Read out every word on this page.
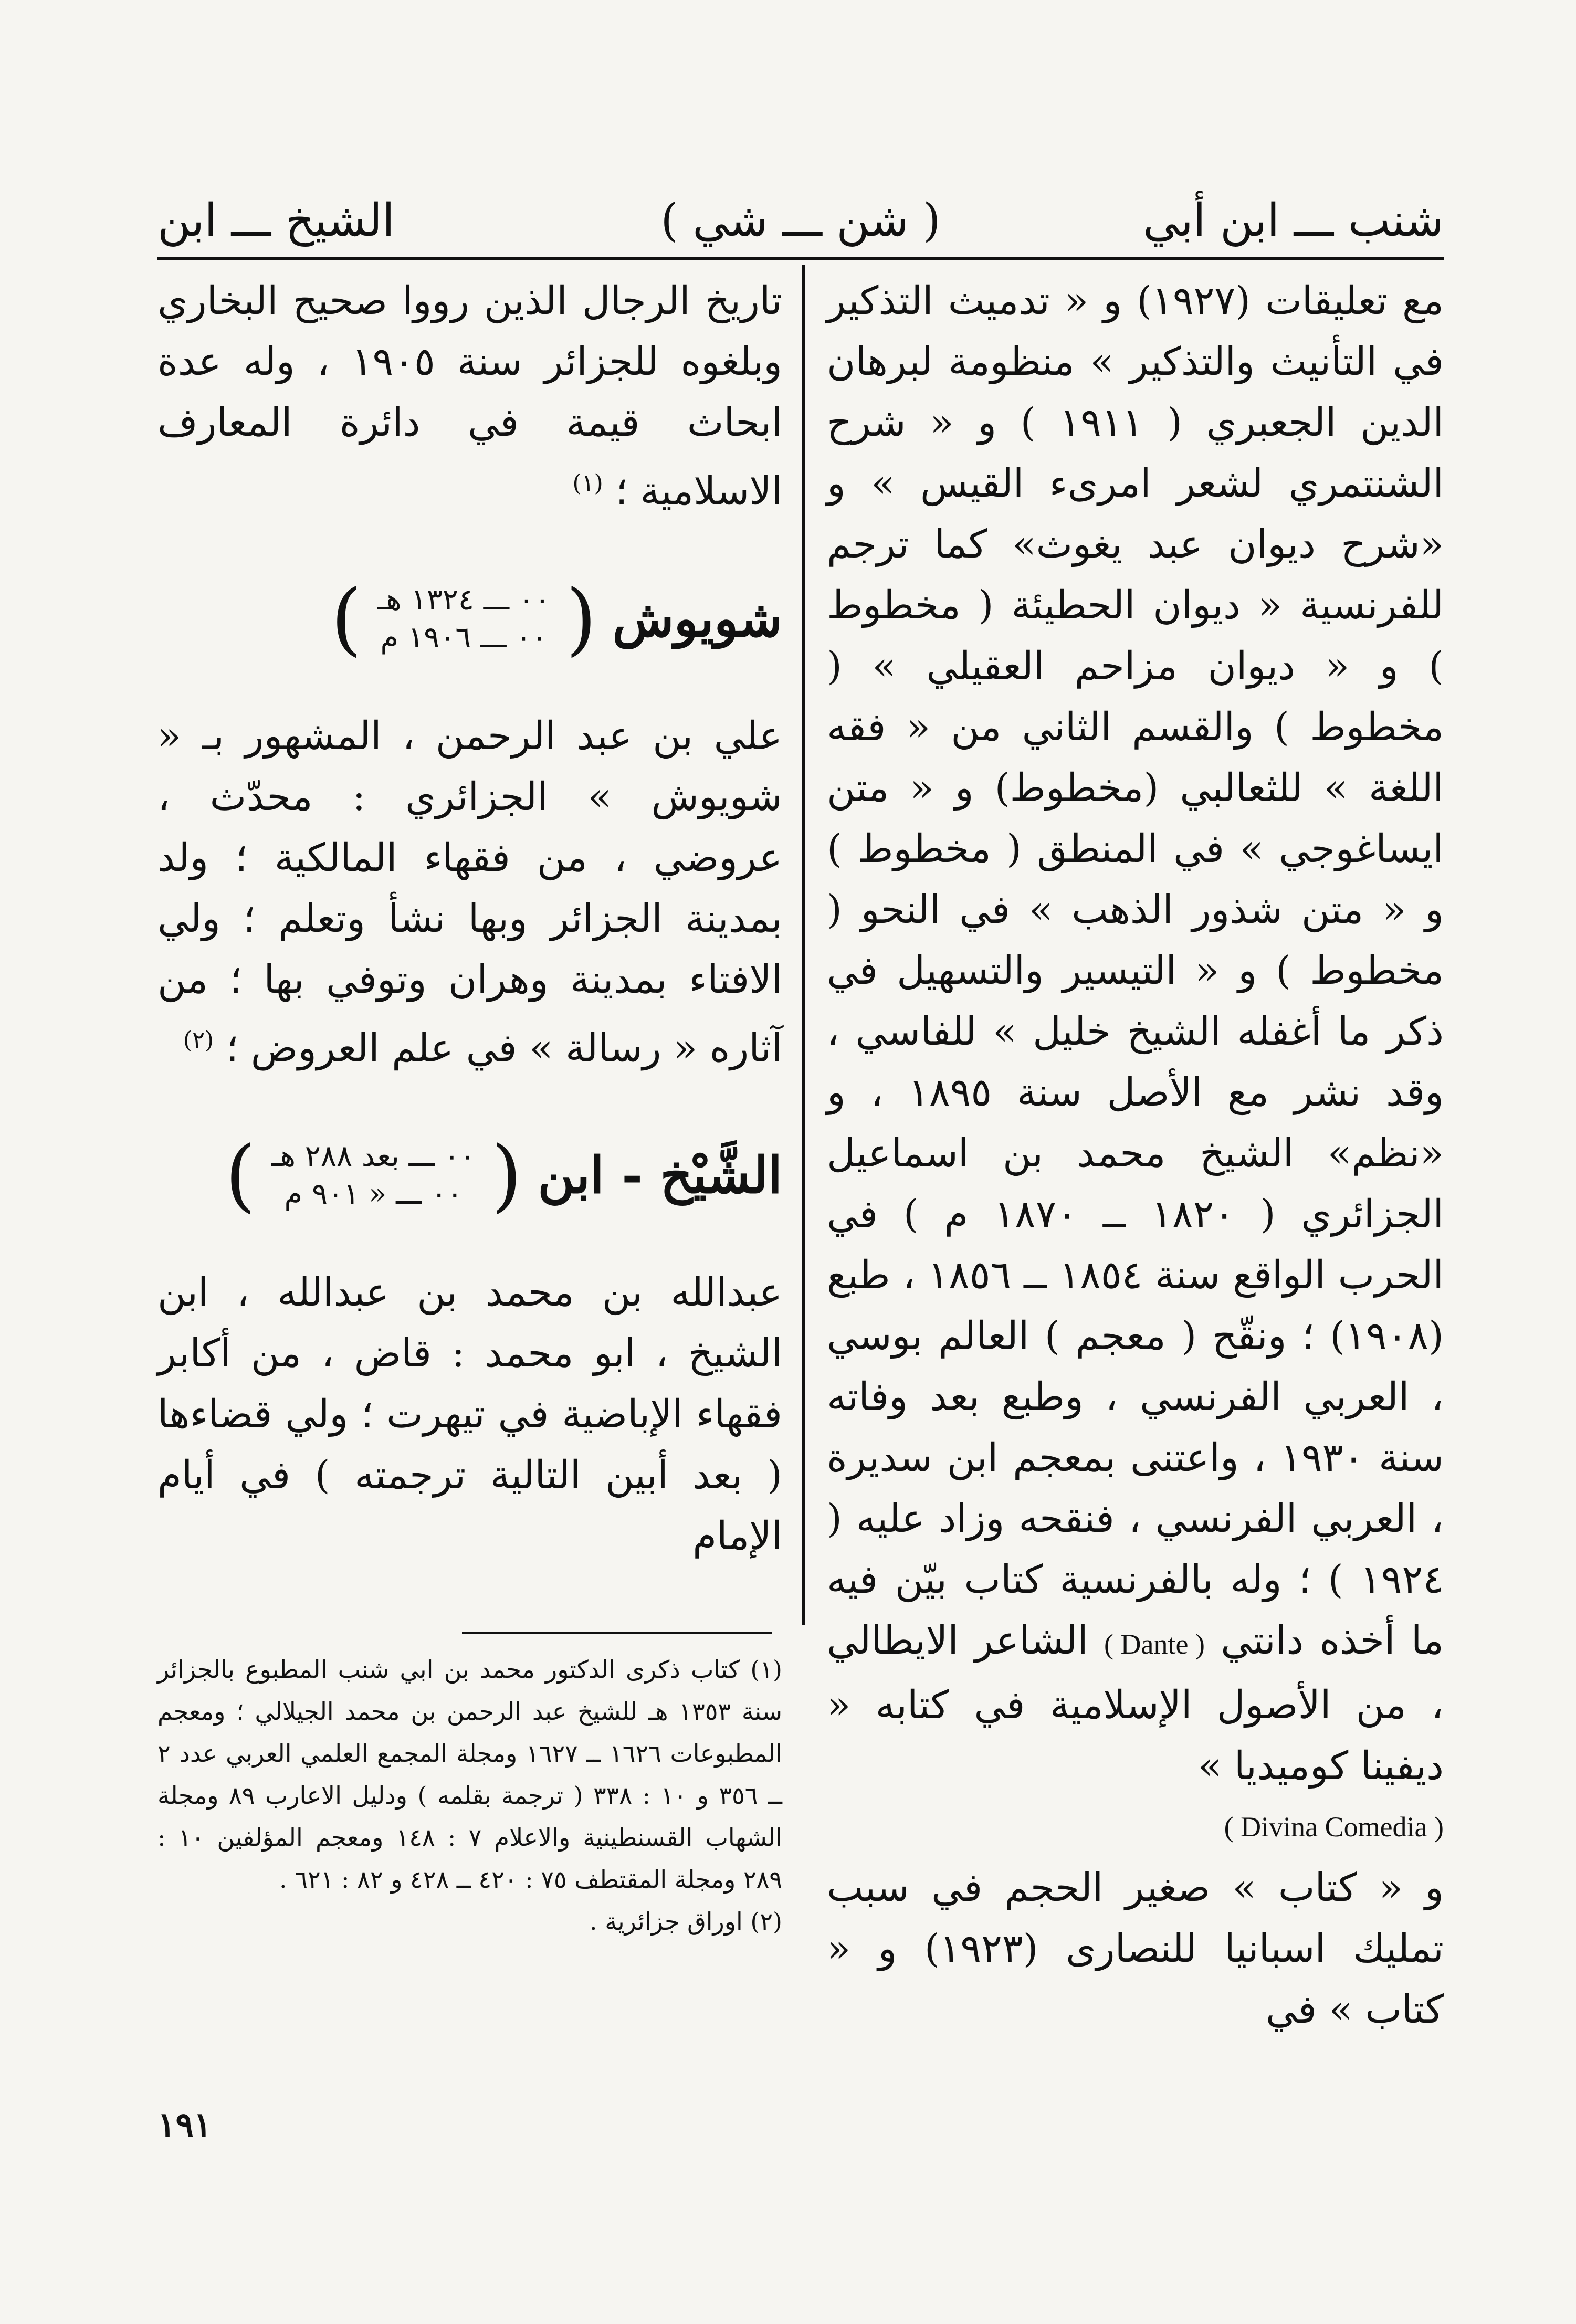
شنب ـــ ابن أبي
( شن ـــ شي )
الشيخ ـــ ابن

مع تعليقات (١٩٢٧) و « تدميث التذكير في التأنيث والتذكير » منظومة لبرهان الدين الجعبري ( ١٩١١ ) و « شرح الشنتمري لشعر امرىء القيس » و «شرح ديوان عبد يغوث» كما ترجم للفرنسية « ديوان الحطيئة ( مخطوط ) و « ديوان مزاحم العقيلي » ( مخطوط ) والقسم الثاني من « فقه اللغة » للثعالبي (مخطوط) و « متن ايساغوجي » في المنطق ( مخطوط ) و « متن شذور الذهب » في النحو ( مخطوط ) و « التيسير والتسهيل في ذكر ما أغفله الشيخ خليل » للفاسي ، وقد نشر مع الأصل سنة ١٨٩٥ ، و «نظم» الشيخ محمد بن اسماعيل الجزائري ( ١٨٢٠ ــ ١٨٧٠ م ) في الحرب الواقع سنة ١٨٥٤ ــ ١٨٥٦ ، طبع (١٩٠٨) ؛ ونقّح ( معجم ) العالم بوسي ، العربي الفرنسي ، وطبع بعد وفاته سنة ١٩٣٠ ، واعتنى بمعجم ابن سديرة ، العربي الفرنسي ، فنقحه وزاد عليه ( ١٩٢٤ ) ؛ وله بالفرنسية كتاب بيّن فيه ما أخذه دانتي ( Dante ) الشاعر الايطالي ، من الأصول الإسلامية في كتابه « ديفينا كوميديا »

( Divina Comedia )

و « كتاب » صغير الحجم في سبب تمليك اسبانيا للنصارى (١٩٢٣) و « كتاب » في

تاريخ الرجال الذين رووا صحيح البخاري وبلغوه للجزائر سنة ١٩٠٥ ، وله عدة ابحاث قيمة في دائرة المعارف الاسلامية ؛ $^{(١)}$

شويوش
(
٠٠ ـــ ١٣٢٤ هـ
٠٠ ـــ ١٩٠٦ م
)

علي بن عبد الرحمن ، المشهور بـ « شويوش » الجزائري : محدّث ، عروضي ، من فقهاء المالكية ؛ ولد بمدينة الجزائر وبها نشأ وتعلم ؛ ولي الافتاء بمدينة وهران وتوفي بها ؛ من آثاره « رسالة » في علم العروض ؛ $^{(٢)}$

الشَّيْخ - ابن
(
٠٠ ـــ بعد ٢٨٨ هـ
٠٠ ـــ « ٩٠١ م
)

عبدالله بن محمد بن عبدالله ، ابن الشيخ ، ابو محمد : قاض ، من أكابر فقهاء الإباضية في تيهرت ؛ ولي قضاءها ( بعد أبين التالية ترجمته ) في أيام الإمام

(١) كتاب ذكرى الدكتور محمد بن ابي شنب المطبوع بالجزائر سنة ١٣٥٣ هـ للشيخ عبد الرحمن بن محمد الجيلالي ؛ ومعجم المطبوعات ١٦٢٦ ــ ١٦٢٧ ومجلة المجمع العلمي العربي عدد ٢ ــ ٣٥٦ و ١٠ : ٣٣٨ ( ترجمة بقلمه ) ودليل الاعارب ٨٩ ومجلة الشهاب القسنطينية والاعلام ٧ : ١٤٨ ومعجم المؤلفين ١٠ : ٢٨٩ ومجلة المقتطف ٧٥ : ٤٢٠ ــ ٤٢٨ و ٨٢ : ٦٢١ .

(٢) اوراق جزائرية .

١٩١
